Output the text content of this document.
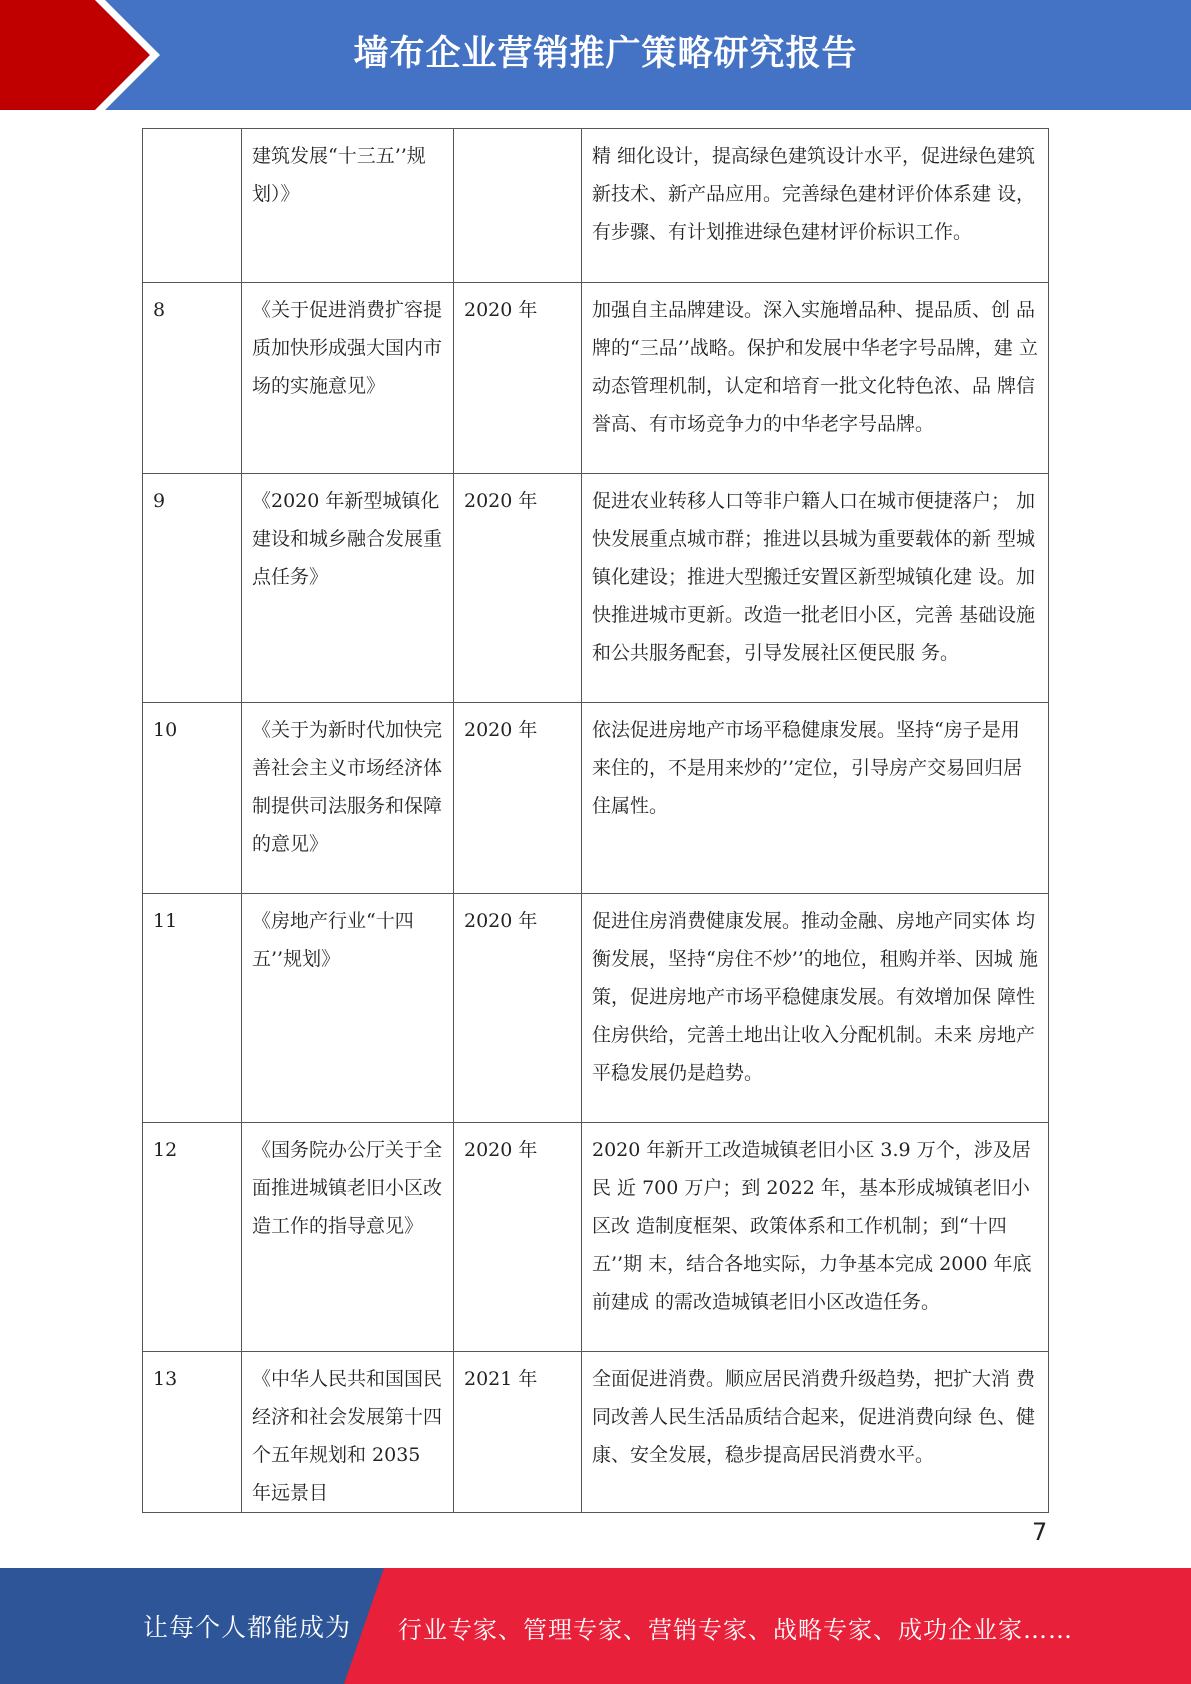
墙布企业营销推广策略研究报告
	建筑发展“十三五’’规 划）》		精 细化设计，提高绿色建筑设计水平，促进绿色建筑 新技术、新产品应用。完善绿色建材评价体系建 设，有步骤、有计划推进绿色建材评价标识工作。
8	《关于促进消费扩容提质加快形成强大国内市场的实施意见》	2020 年	加强自主品牌建设。深入实施增品种、提品质、创 品牌的“三品’’战略。保护和发展中华老字号品牌，建 立动态管理机制，认定和培育一批文化特色浓、品 牌信誉高、有市场竞争力的中华老字号品牌。
9	《2020 年新型城镇化建设和城乡融合发展重点任务》	2020 年	促进农业转移人口等非户籍人口在城市便捷落户； 加快发展重点城市群；推进以县城为重要载体的新 型城镇化建设；推进大型搬迁安置区新型城镇化建 设。加快推进城市更新。改造一批老旧小区，完善 基础设施和公共服务配套，引导发展社区便民服 务。
10	《关于为新时代加快完善社会主义市场经济体制提供司法服务和保障的意见》	2020 年	依法促进房地产市场平稳健康发展。坚持“房子是用 来住的，不是用来炒的’’定位，引导房产交易回归居 住属性。
11	《房地产行业“十四五’’规划》	2020 年	促进住房消费健康发展。推动金融、房地产同实体 均衡发展，坚持“房住不炒’’的地位，租购并举、因城 施策，促进房地产市场平稳健康发展。有效增加保 障性住房供给，完善土地出让收入分配机制。未来 房地产平稳发展仍是趋势。
12	《国务院办公厅关于全面推进城镇老旧小区改造工作的指导意见》	2020 年	2020 年新开工改造城镇老旧小区 3.9 万个，涉及居民 近 700 万户；到 2022 年，基本形成城镇老旧小区改 造制度框架、政策体系和工作机制；到“十四五’’期 末，结合各地实际，力争基本完成 2000 年底前建成 的需改造城镇老旧小区改造任务。
13	《中华人民共和国国民经济和社会发展第十四个五年规划和 2035 年远景目	2021 年	全面促进消费。顺应居民消费升级趋势，把扩大消 费同改善人民生活品质结合起来，促进消费向绿 色、健康、安全发展，稳步提高居民消费水平。
7
让每个人都能成为 行业专家、管理专家、营销专家、战略专家、成功企业家……
